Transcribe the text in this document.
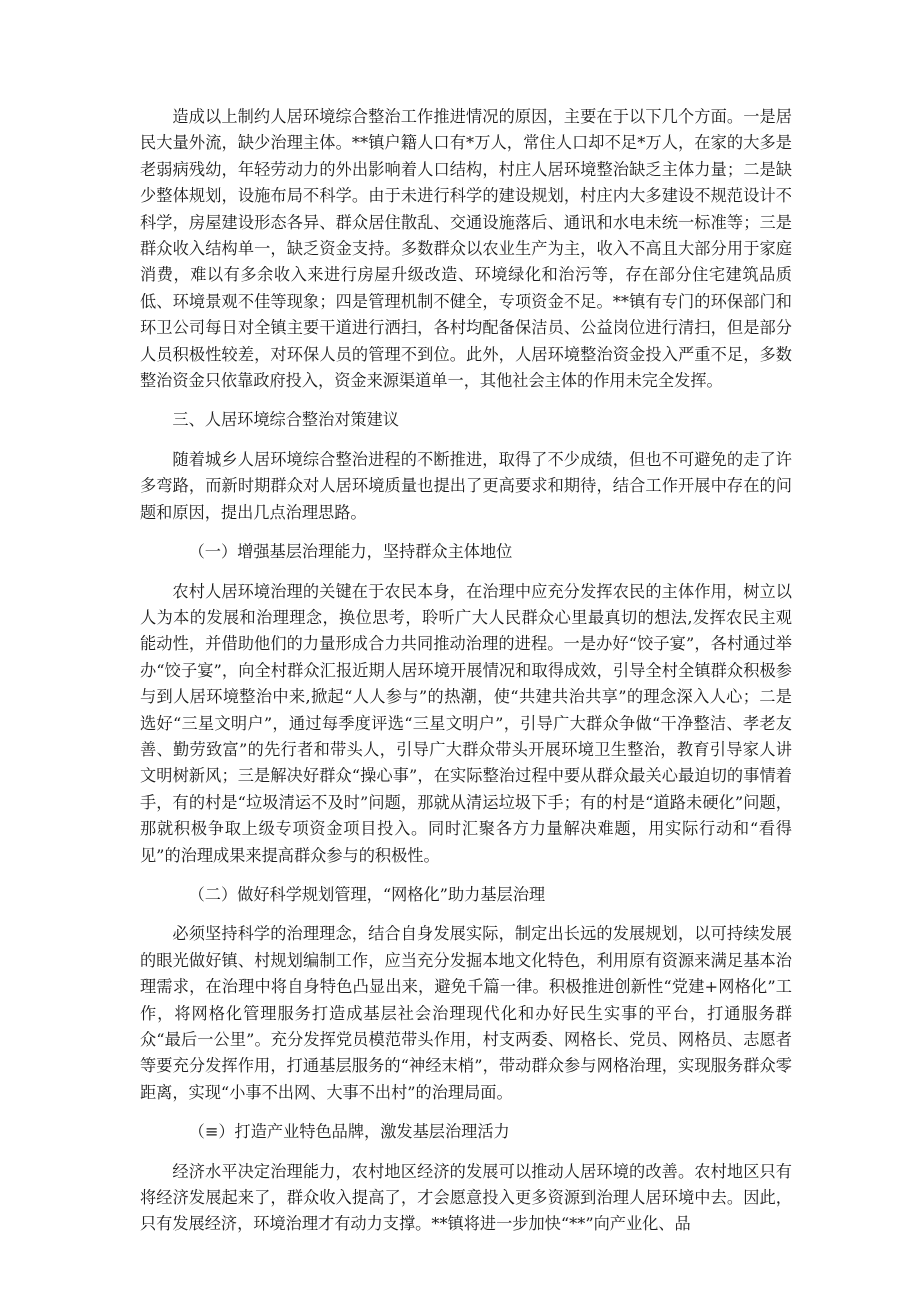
造成以上制约人居环境综合整治工作推进情况的原因，主要在于以下几个方面。一是居民大量外流，缺少治理主体。**镇户籍人口有*万人，常住人口却不足*万人，在家的大多是老弱病残幼，年轻劳动力的外出影响着人口结构，村庄人居环境整治缺乏主体力量；二是缺少整体规划，设施布局不科学。由于未进行科学的建设规划，村庄内大多建设不规范设计不科学，房屋建设形态各异、群众居住散乱、交通设施落后、通讯和水电未统一标准等；三是群众收入结构单一，缺乏资金支持。多数群众以农业生产为主，收入不高且大部分用于家庭消费，难以有多余收入来进行房屋升级改造、环境绿化和治污等，存在部分住宅建筑品质低、环境景观不佳等现象；四是管理机制不健全，专项资金不足。**镇有专门的环保部门和环卫公司每日对全镇主要干道进行洒扫，各村均配备保洁员、公益岗位进行清扫，但是部分人员积极性较差，对环保人员的管理不到位。此外，人居环境整治资金投入严重不足，多数整治资金只依靠政府投入，资金来源渠道单一，其他社会主体的作用未完全发挥。

三、人居环境综合整治对策建议

随着城乡人居环境综合整治进程的不断推进，取得了不少成绩，但也不可避免的走了许多弯路，而新时期群众对人居环境质量也提出了更高要求和期待，结合工作开展中存在的问题和原因，提出几点治理思路。

（一）增强基层治理能力，坚持群众主体地位

农村人居环境治理的关键在于农民本身，在治理中应充分发挥农民的主体作用，树立以人为本的发展和治理理念，换位思考，聆听广大人民群众心里最真切的想法,发挥农民主观能动性，并借助他们的力量形成合力共同推动治理的进程。一是办好“饺子宴”，各村通过举办“饺子宴”，向全村群众汇报近期人居环境开展情况和取得成效，引导全村全镇群众积极参与到人居环境整治中来,掀起“人人参与”的热潮，使“共建共治共享”的理念深入人心；二是选好“三星文明户”，通过每季度评选“三星文明户”，引导广大群众争做“干净整洁、孝老友善、勤劳致富”的先行者和带头人，引导广大群众带头开展环境卫生整治，教育引导家人讲文明树新风；三是解决好群众“操心事”，在实际整治过程中要从群众最关心最迫切的事情着手，有的村是“垃圾清运不及时”问题，那就从清运垃圾下手；有的村是“道路未硬化”问题，那就积极争取上级专项资金项目投入。同时汇聚各方力量解决难题，用实际行动和“看得见”的治理成果来提高群众参与的积极性。

（二）做好科学规划管理，“网格化”助力基层治理

必须坚持科学的治理理念，结合自身发展实际，制定出长远的发展规划，以可持续发展的眼光做好镇、村规划编制工作，应当充分发掘本地文化特色，利用原有资源来满足基本治理需求，在治理中将自身特色凸显出来，避免千篇一律。积极推进创新性“党建+网格化”工作，将网格化管理服务打造成基层社会治理现代化和办好民生实事的平台，打通服务群众“最后一公里”。充分发挥党员模范带头作用，村支两委、网格长、党员、网格员、志愿者等要充分发挥作用，打通基层服务的“神经末梢”，带动群众参与网格治理，实现服务群众零距离，实现“小事不出网、大事不出村”的治理局面。

（≡）打造产业特色品牌，激发基层治理活力

经济水平决定治理能力，农村地区经济的发展可以推动人居环境的改善。农村地区只有将经济发展起来了，群众收入提高了，才会愿意投入更多资源到治理人居环境中去。因此，只有发展经济，环境治理才有动力支撑。**镇将进一步加快“**”向产业化、品
